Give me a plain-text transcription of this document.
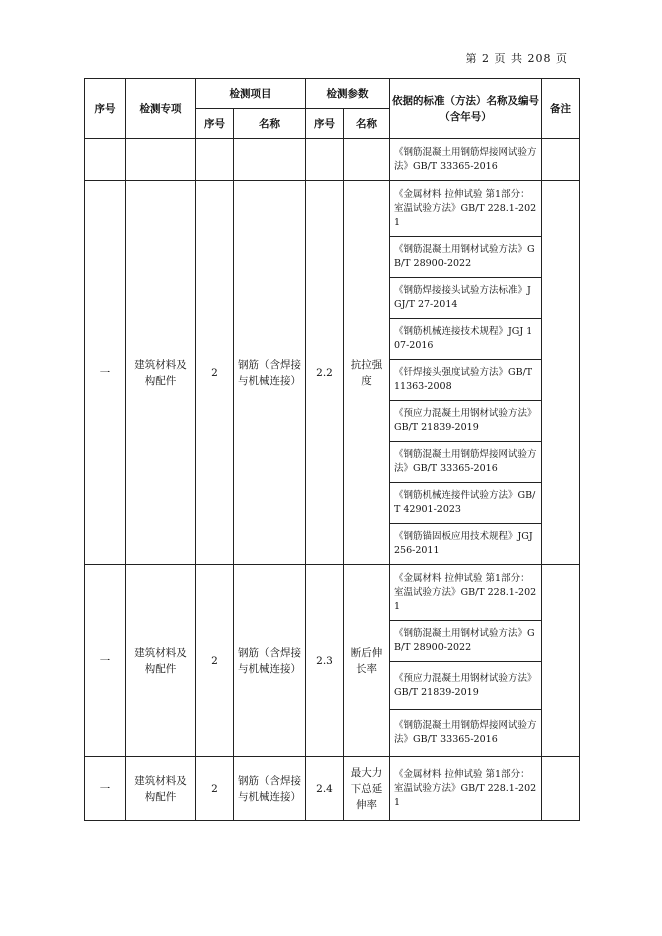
第 2 页 共 208 页
序号	检测专项	检测项目		检测参数		依据的标准（方法）名称及编号（含年号）	备注
		序号	名称	序号	名称		
						《钢筋混凝土用钢筋焊接网试验方法》GB/T 33365-2016	
一	建筑材料及构配件	2	钢筋（含焊接与机械连接）	2.2	抗拉强度	《金属材料 拉伸试验 第1部分：室温试验方法》GB/T 228.1-2021	
						《钢筋混凝土用钢材试验方法》GB/T 28900-2022	
						《钢筋焊接接头试验方法标准》JGJ/T 27-2014	
						《钢筋机械连接技术规程》JGJ 107-2016	
						《钎焊接头强度试验方法》GB/T 11363-2008	
						《预应力混凝土用钢材试验方法》GB/T 21839-2019	
						《钢筋混凝土用钢筋焊接网试验方法》GB/T 33365-2016	
						《钢筋机械连接件试验方法》GB/T 42901-2023	
						《钢筋锚固板应用技术规程》JGJ 256-2011	
一	建筑材料及构配件	2	钢筋（含焊接与机械连接）	2.3	断后伸长率	《金属材料 拉伸试验 第1部分：室温试验方法》GB/T 228.1-2021	
						《钢筋混凝土用钢材试验方法》GB/T 28900-2022	
						《预应力混凝土用钢材试验方法》GB/T 21839-2019	
						《钢筋混凝土用钢筋焊接网试验方法》GB/T 33365-2016	
一	建筑材料及构配件	2	钢筋（含焊接与机械连接）	2.4	最大力下总延伸率	《金属材料 拉伸试验 第1部分：室温试验方法》GB/T 228.1-2021	
